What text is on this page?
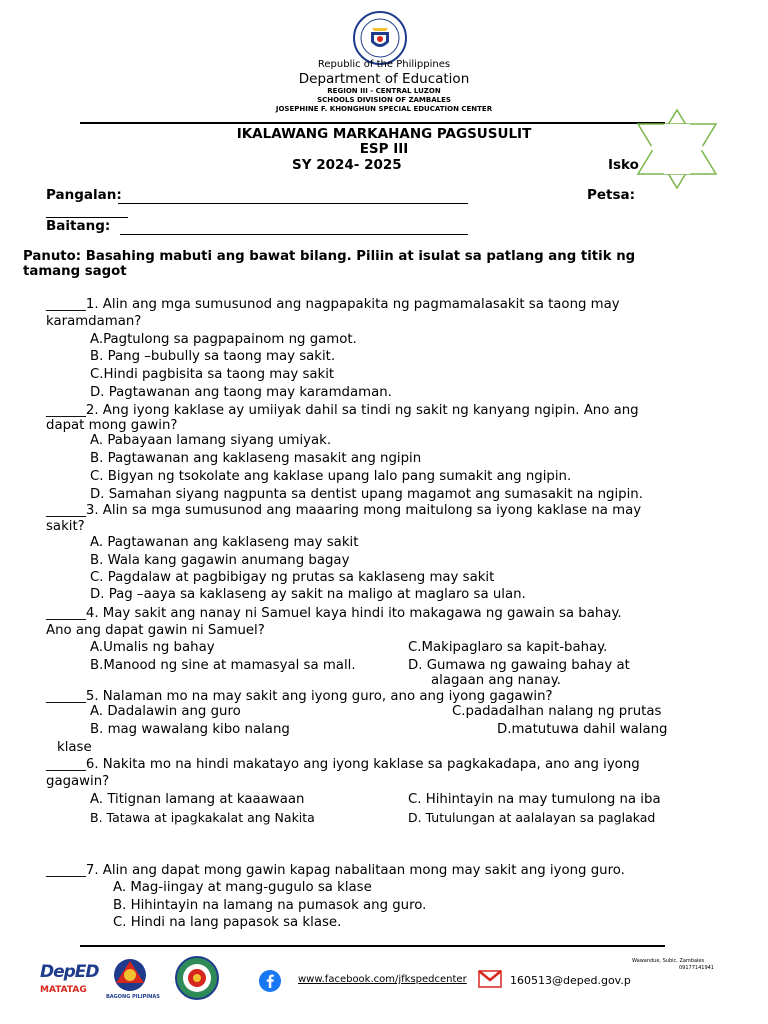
Republic of the Philippines
Department of Education
REGION III - CENTRAL LUZON
SCHOOLS DIVISION OF ZAMBALES
JOSEPHINE F. KHONGHUN SPECIAL EDUCATION CENTER
IKALAWANG MARKAHANG PAGSUSULIT
ESP III
SY 2024- 2025	Isko
Pangalan:	Petsa:
Baitang:
Panuto: Basahing mabuti ang bawat bilang. Piliin at isulat sa patlang ang titik ng
tamang sagot
______1. Alin ang mga sumusunod ang nagpapakita ng pagmamalasakit sa taong may
karamdaman?
A.Pagtulong sa pagpapainom ng gamot.
B. Pang –bubully sa taong may sakit.
C.Hindi pagbisita sa taong may sakit
D. Pagtawanan ang taong may karamdaman.
______2. Ang iyong kaklase ay umiiyak dahil sa tindi ng sakit ng kanyang ngipin. Ano ang
dapat mong gawin?
A. Pabayaan lamang siyang umiyak.
B. Pagtawanan ang kaklaseng masakit ang ngipin
C. Bigyan ng tsokolate ang kaklase upang lalo pang sumakit ang ngipin.
D. Samahan siyang nagpunta sa dentist upang magamot ang sumasakit na ngipin.
______3. Alin sa mga sumusunod ang maaaring mong maitulong sa iyong kaklase na may
sakit?
A. Pagtawanan ang kaklaseng may sakit
B. Wala kang gagawin anumang bagay
C. Pagdalaw at pagbibigay ng prutas sa kaklaseng may sakit
D. Pag –aaya sa kaklaseng ay sakit na maligo at maglaro sa ulan.
______4. May sakit ang nanay ni Samuel kaya hindi ito makagawa ng gawain sa bahay.
Ano ang dapat gawin ni Samuel?
A.Umalis ng bahay	C.Makipaglaro sa kapit-bahay.
B.Manood ng sine at mamasyal sa mall.	D. Gumawa ng gawaing bahay at
alagaan ang nanay.
______5. Nalaman mo na may sakit ang iyong guro, ano ang iyong gagawin?
A. Dadalawin ang guro	C.padadalhan nalang ng prutas
B. mag wawalang kibo nalang	D.matutuwa dahil walang
klase
______6. Nakita mo na hindi makatayo ang iyong kaklase sa pagkakadapa, ano ang iyong
gagawin?
A. Titignan lamang at kaaawaan	C. Hihintayin na may tumulong na iba
B. Tatawa at ipagkakalat ang Nakita	D. Tutulungan at aalalayan sa paglakad
______7. Alin ang dapat mong gawin kapag nabalitaan mong may sakit ang iyong guro.
A. Mag-iingay at mang-gugulo sa klase
B. Hihintayin na lamang na pumasok ang guro.
C. Hindi na lang papasok sa klase.
DepED
MATATAG
BAGONG PILIPINAS
www.facebook.com/jfkspedcenter	160513@deped.gov.p
Wawandue, Subic, Zambales
09177141941
